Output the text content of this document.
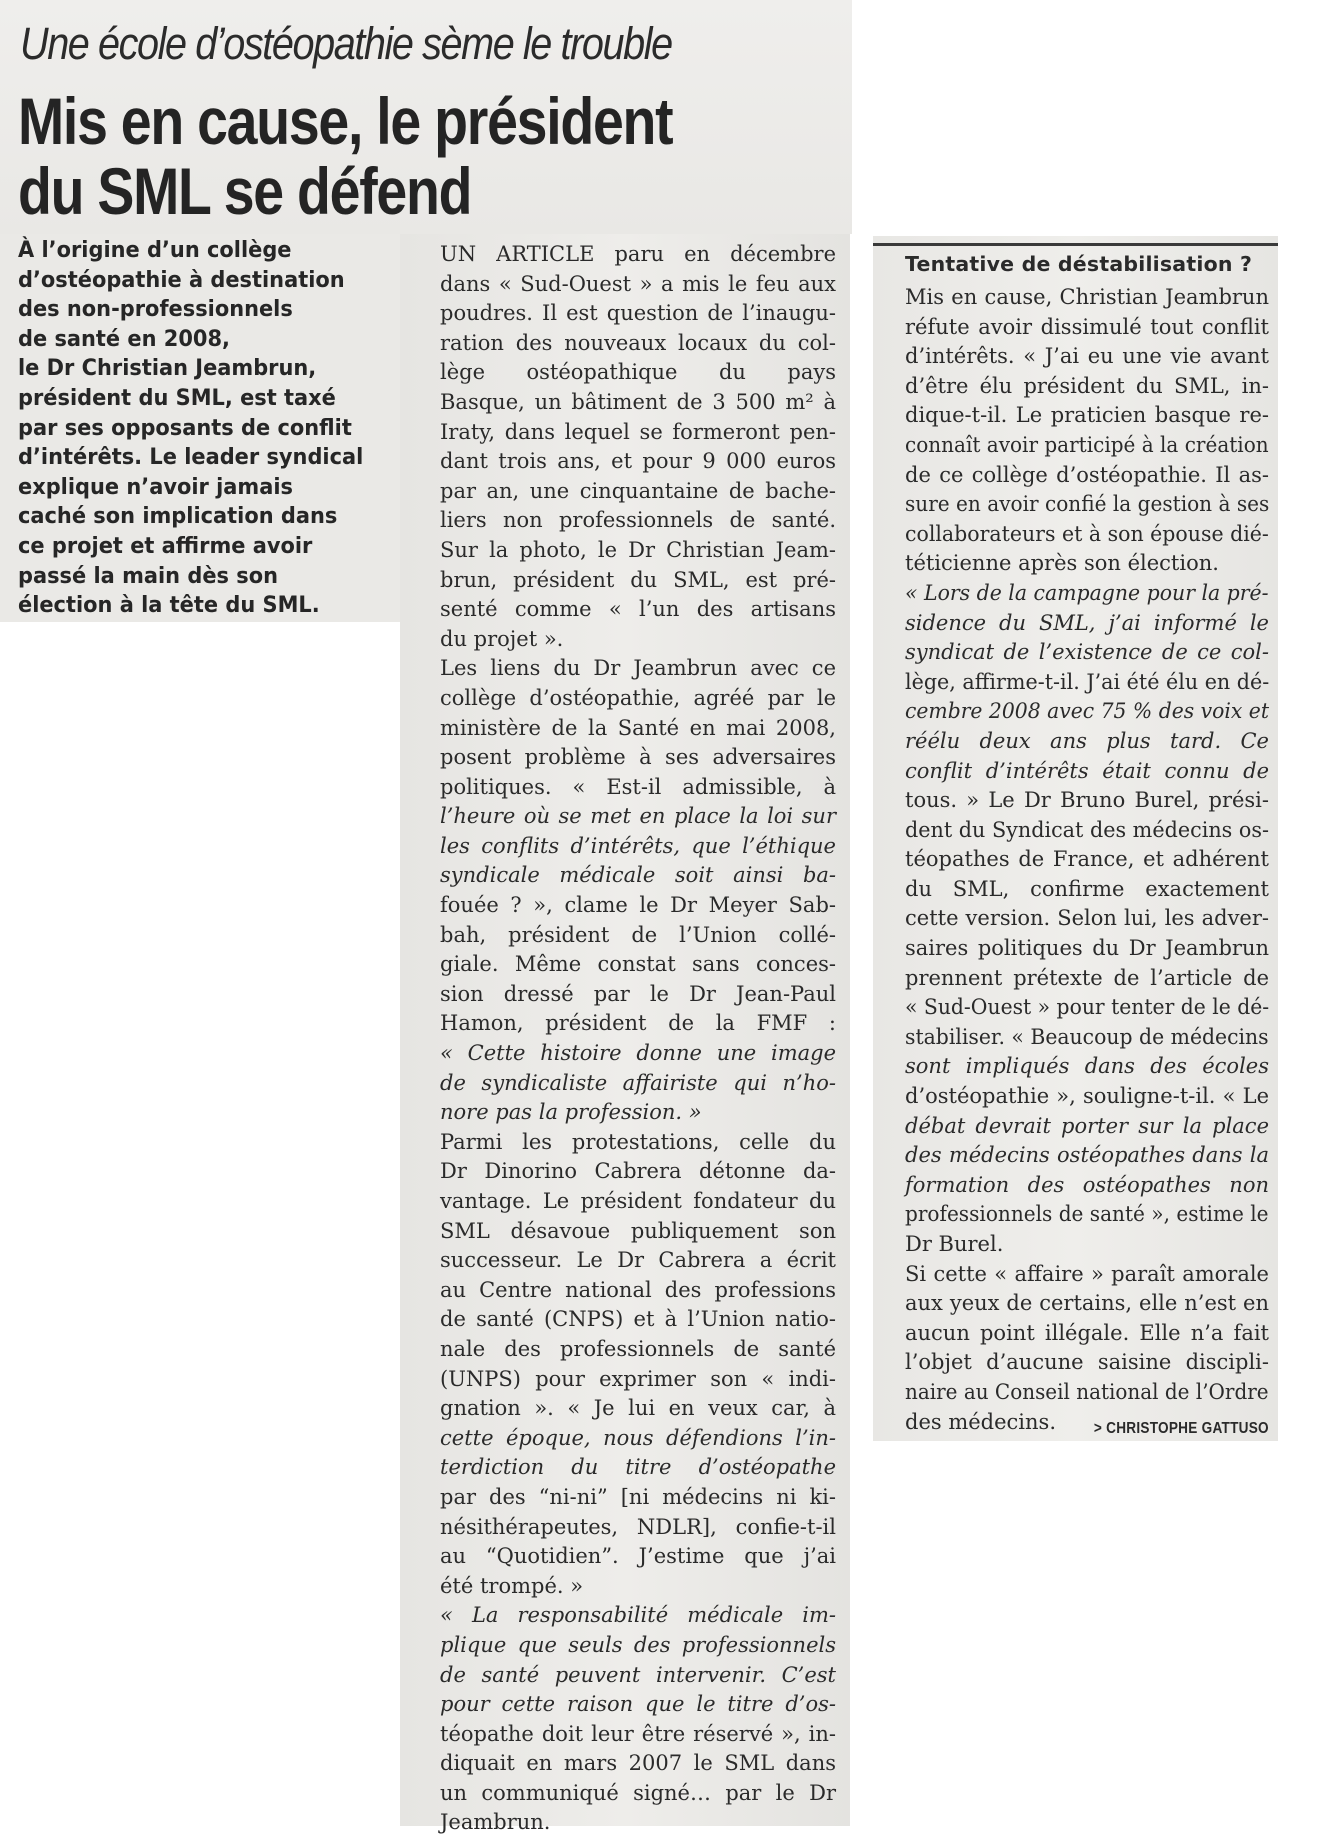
Une école d’ostéopathie sème le trouble
Mis en cause, le président
du SML se défend
À l’origine d’un collège
d’ostéopathie à destination
des non-professionnels
de santé en 2008,
le Dr Christian Jeambrun,
président du SML, est taxé
par ses opposants de conflit
d’intérêts. Le leader syndical
explique n’avoir jamais
caché son implication dans
ce projet et affirme avoir
passé la main dès son
élection à la tête du SML.
UN ARTICLE paru en décembre
dans « Sud-Ouest » a mis le feu aux
poudres. Il est question de l’inaugu-
ration des nouveaux locaux du col-
lège ostéopathique du pays
Basque, un bâtiment de 3 500 m² à
Iraty, dans lequel se formeront pen-
dant trois ans, et pour 9 000 euros
par an, une cinquantaine de bache-
liers non professionnels de santé.
Sur la photo, le Dr Christian Jeam-
brun, président du SML, est pré-
senté comme « l’un des artisans
du projet ».
Les liens du Dr Jeambrun avec ce
collège d’ostéopathie, agréé par le
ministère de la Santé en mai 2008,
posent problème à ses adversaires
politiques. « Est-il admissible, à
l’heure où se met en place la loi sur
les conflits d’intérêts, que l’éthique
syndicale médicale soit ainsi ba-
fouée ? », clame le Dr Meyer Sab-
bah, président de l’Union collé-
giale. Même constat sans conces-
sion dressé par le Dr Jean-Paul
Hamon, président de la FMF :
« Cette histoire donne une image
de syndicaliste affairiste qui n’ho-
nore pas la profession. »
Parmi les protestations, celle du
Dr Dinorino Cabrera détonne da-
vantage. Le président fondateur du
SML désavoue publiquement son
successeur. Le Dr Cabrera a écrit
au Centre national des professions
de santé (CNPS) et à l’Union natio-
nale des professionnels de santé
(UNPS) pour exprimer son « indi-
gnation ». « Je lui en veux car, à
cette époque, nous défendions l’in-
terdiction du titre d’ostéopathe
par des “ni-ni” [ni médecins ni ki-
nésithérapeutes, NDLR], confie-t-il
au “Quotidien”. J’estime que j’ai
été trompé. »
« La responsabilité médicale im-
plique que seuls des professionnels
de santé peuvent intervenir. C’est
pour cette raison que le titre d’os-
téopathe doit leur être réservé », in-
diquait en mars 2007 le SML dans
un communiqué signé… par le Dr
Jeambrun.
Tentative de déstabilisation ?
Mis en cause, Christian Jeambrun
réfute avoir dissimulé tout conflit
d’intérêts. « J’ai eu une vie avant
d’être élu président du SML, in-
dique-t-il. Le praticien basque re-
connaît avoir participé à la création
de ce collège d’ostéopathie. Il as-
sure en avoir confié la gestion à ses
collaborateurs et à son épouse dié-
téticienne après son élection.
« Lors de la campagne pour la pré-
sidence du SML, j’ai informé le
syndicat de l’existence de ce col-
lège, affirme-t-il. J’ai été élu en dé-
cembre 2008 avec 75 % des voix et
réélu deux ans plus tard. Ce
conflit d’intérêts était connu de
tous. » Le Dr Bruno Burel, prési-
dent du Syndicat des médecins os-
téopathes de France, et adhérent
du SML, confirme exactement
cette version. Selon lui, les adver-
saires politiques du Dr Jeambrun
prennent prétexte de l’article de
« Sud-Ouest » pour tenter de le dé-
stabiliser. « Beaucoup de médecins
sont impliqués dans des écoles
d’ostéopathie », souligne-t-il. « Le
débat devrait porter sur la place
des médecins ostéopathes dans la
formation des ostéopathes non
professionnels de santé », estime le
Dr Burel.
Si cette « affaire » paraît amorale
aux yeux de certains, elle n’est en
aucun point illégale. Elle n’a fait
l’objet d’aucune saisine discipli-
naire au Conseil national de l’Ordre
des médecins. > CHRISTOPHE GATTUSO
